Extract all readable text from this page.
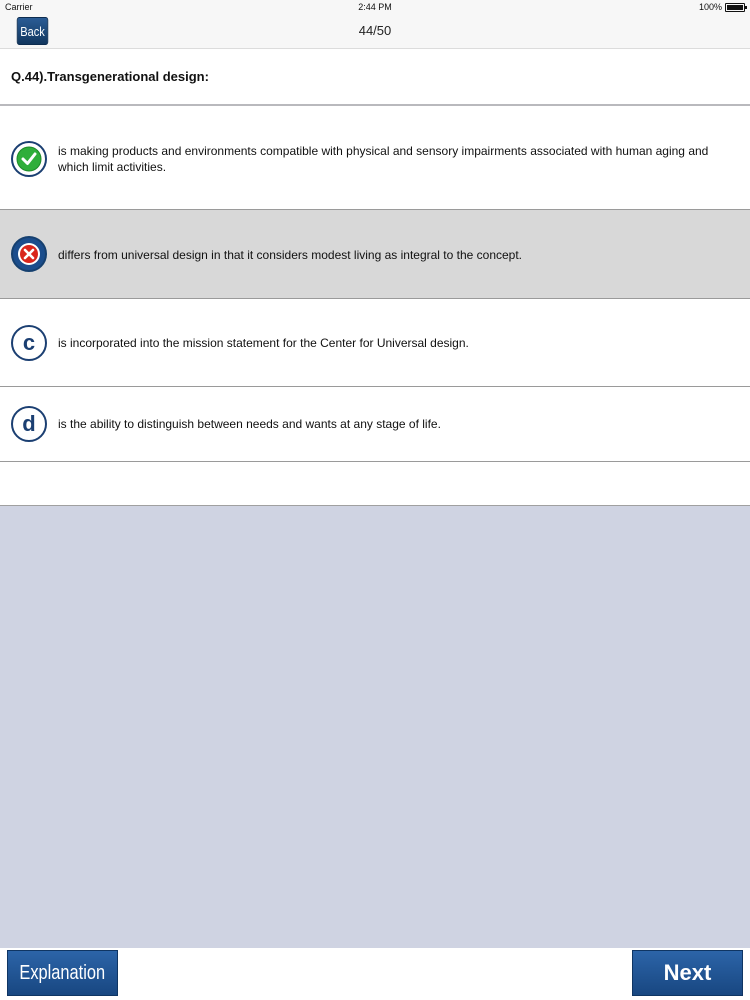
Carrier	2:44 PM	100%
Back	44/50
Q.44).Transgenerational design:
is making products and environments compatible with physical and sensory impairments associated with human aging and which limit activities.
differs from universal design in that it considers modest living as integral to the concept.
c	is incorporated into the mission statement for the Center for Universal design.
d	is the ability to distinguish between needs and wants at any stage of life.
Explanation	Next
